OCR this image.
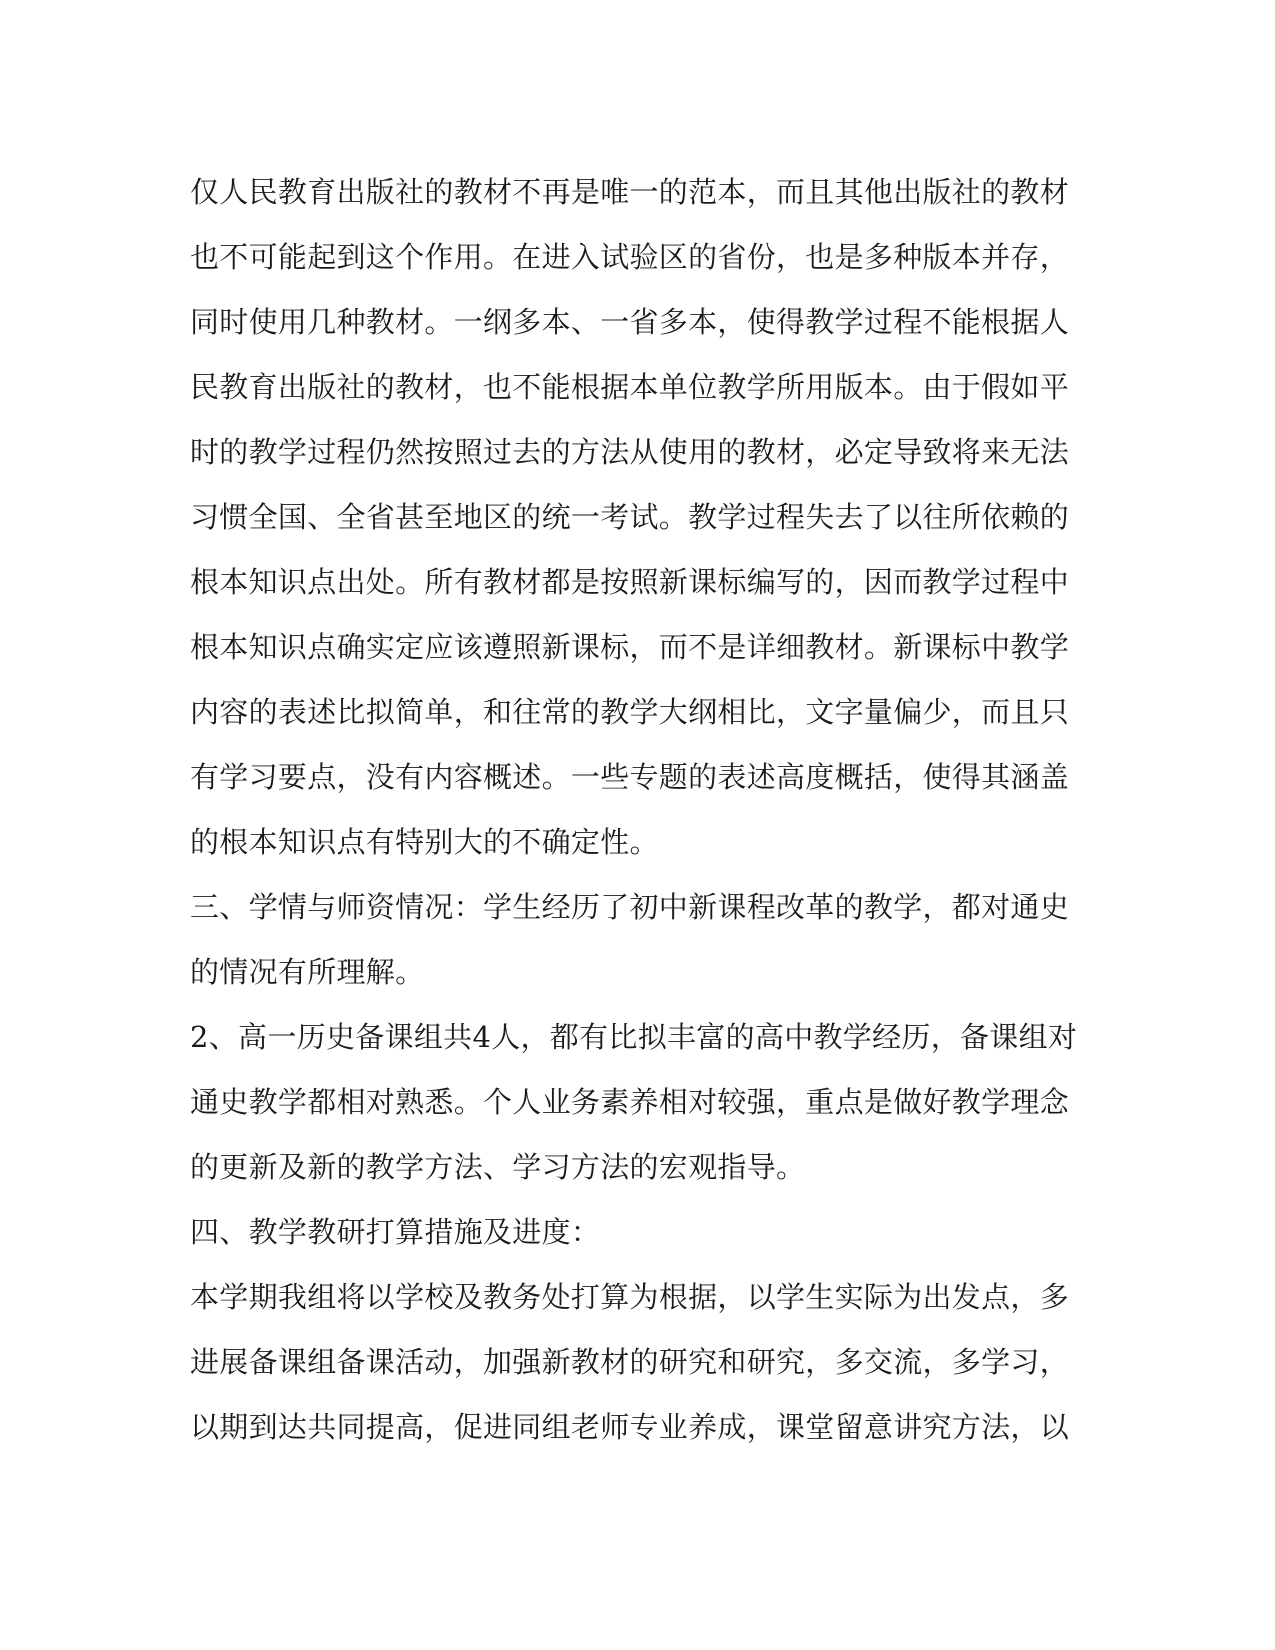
仅人民教育出版社的教材不再是唯一的范本，而且其他出版社的教材
也不可能起到这个作用。在进入试验区的省份，也是多种版本并存，
同时使用几种教材。一纲多本、一省多本，使得教学过程不能根据人
民教育出版社的教材，也不能根据本单位教学所用版本。由于假如平
时的教学过程仍然按照过去的方法从使用的教材，必定导致将来无法
习惯全国、全省甚至地区的统一考试。教学过程失去了以往所依赖的
根本知识点出处。所有教材都是按照新课标编写的，因而教学过程中
根本知识点确实定应该遵照新课标，而不是详细教材。新课标中教学
内容的表述比拟简单，和往常的教学大纲相比，文字量偏少，而且只
有学习要点，没有内容概述。一些专题的表述高度概括，使得其涵盖
的根本知识点有特别大的不确定性。
三、学情与师资情况：学生经历了初中新课程改革的教学，都对通史
的情况有所理解。
2、高一历史备课组共4人，都有比拟丰富的高中教学经历，备课组对
通史教学都相对熟悉。个人业务素养相对较强，重点是做好教学理念
的更新及新的教学方法、学习方法的宏观指导。
四、教学教研打算措施及进度：
本学期我组将以学校及教务处打算为根据，以学生实际为出发点，多
进展备课组备课活动，加强新教材的研究和研究，多交流，多学习，
以期到达共同提高，促进同组老师专业养成，课堂留意讲究方法，以
